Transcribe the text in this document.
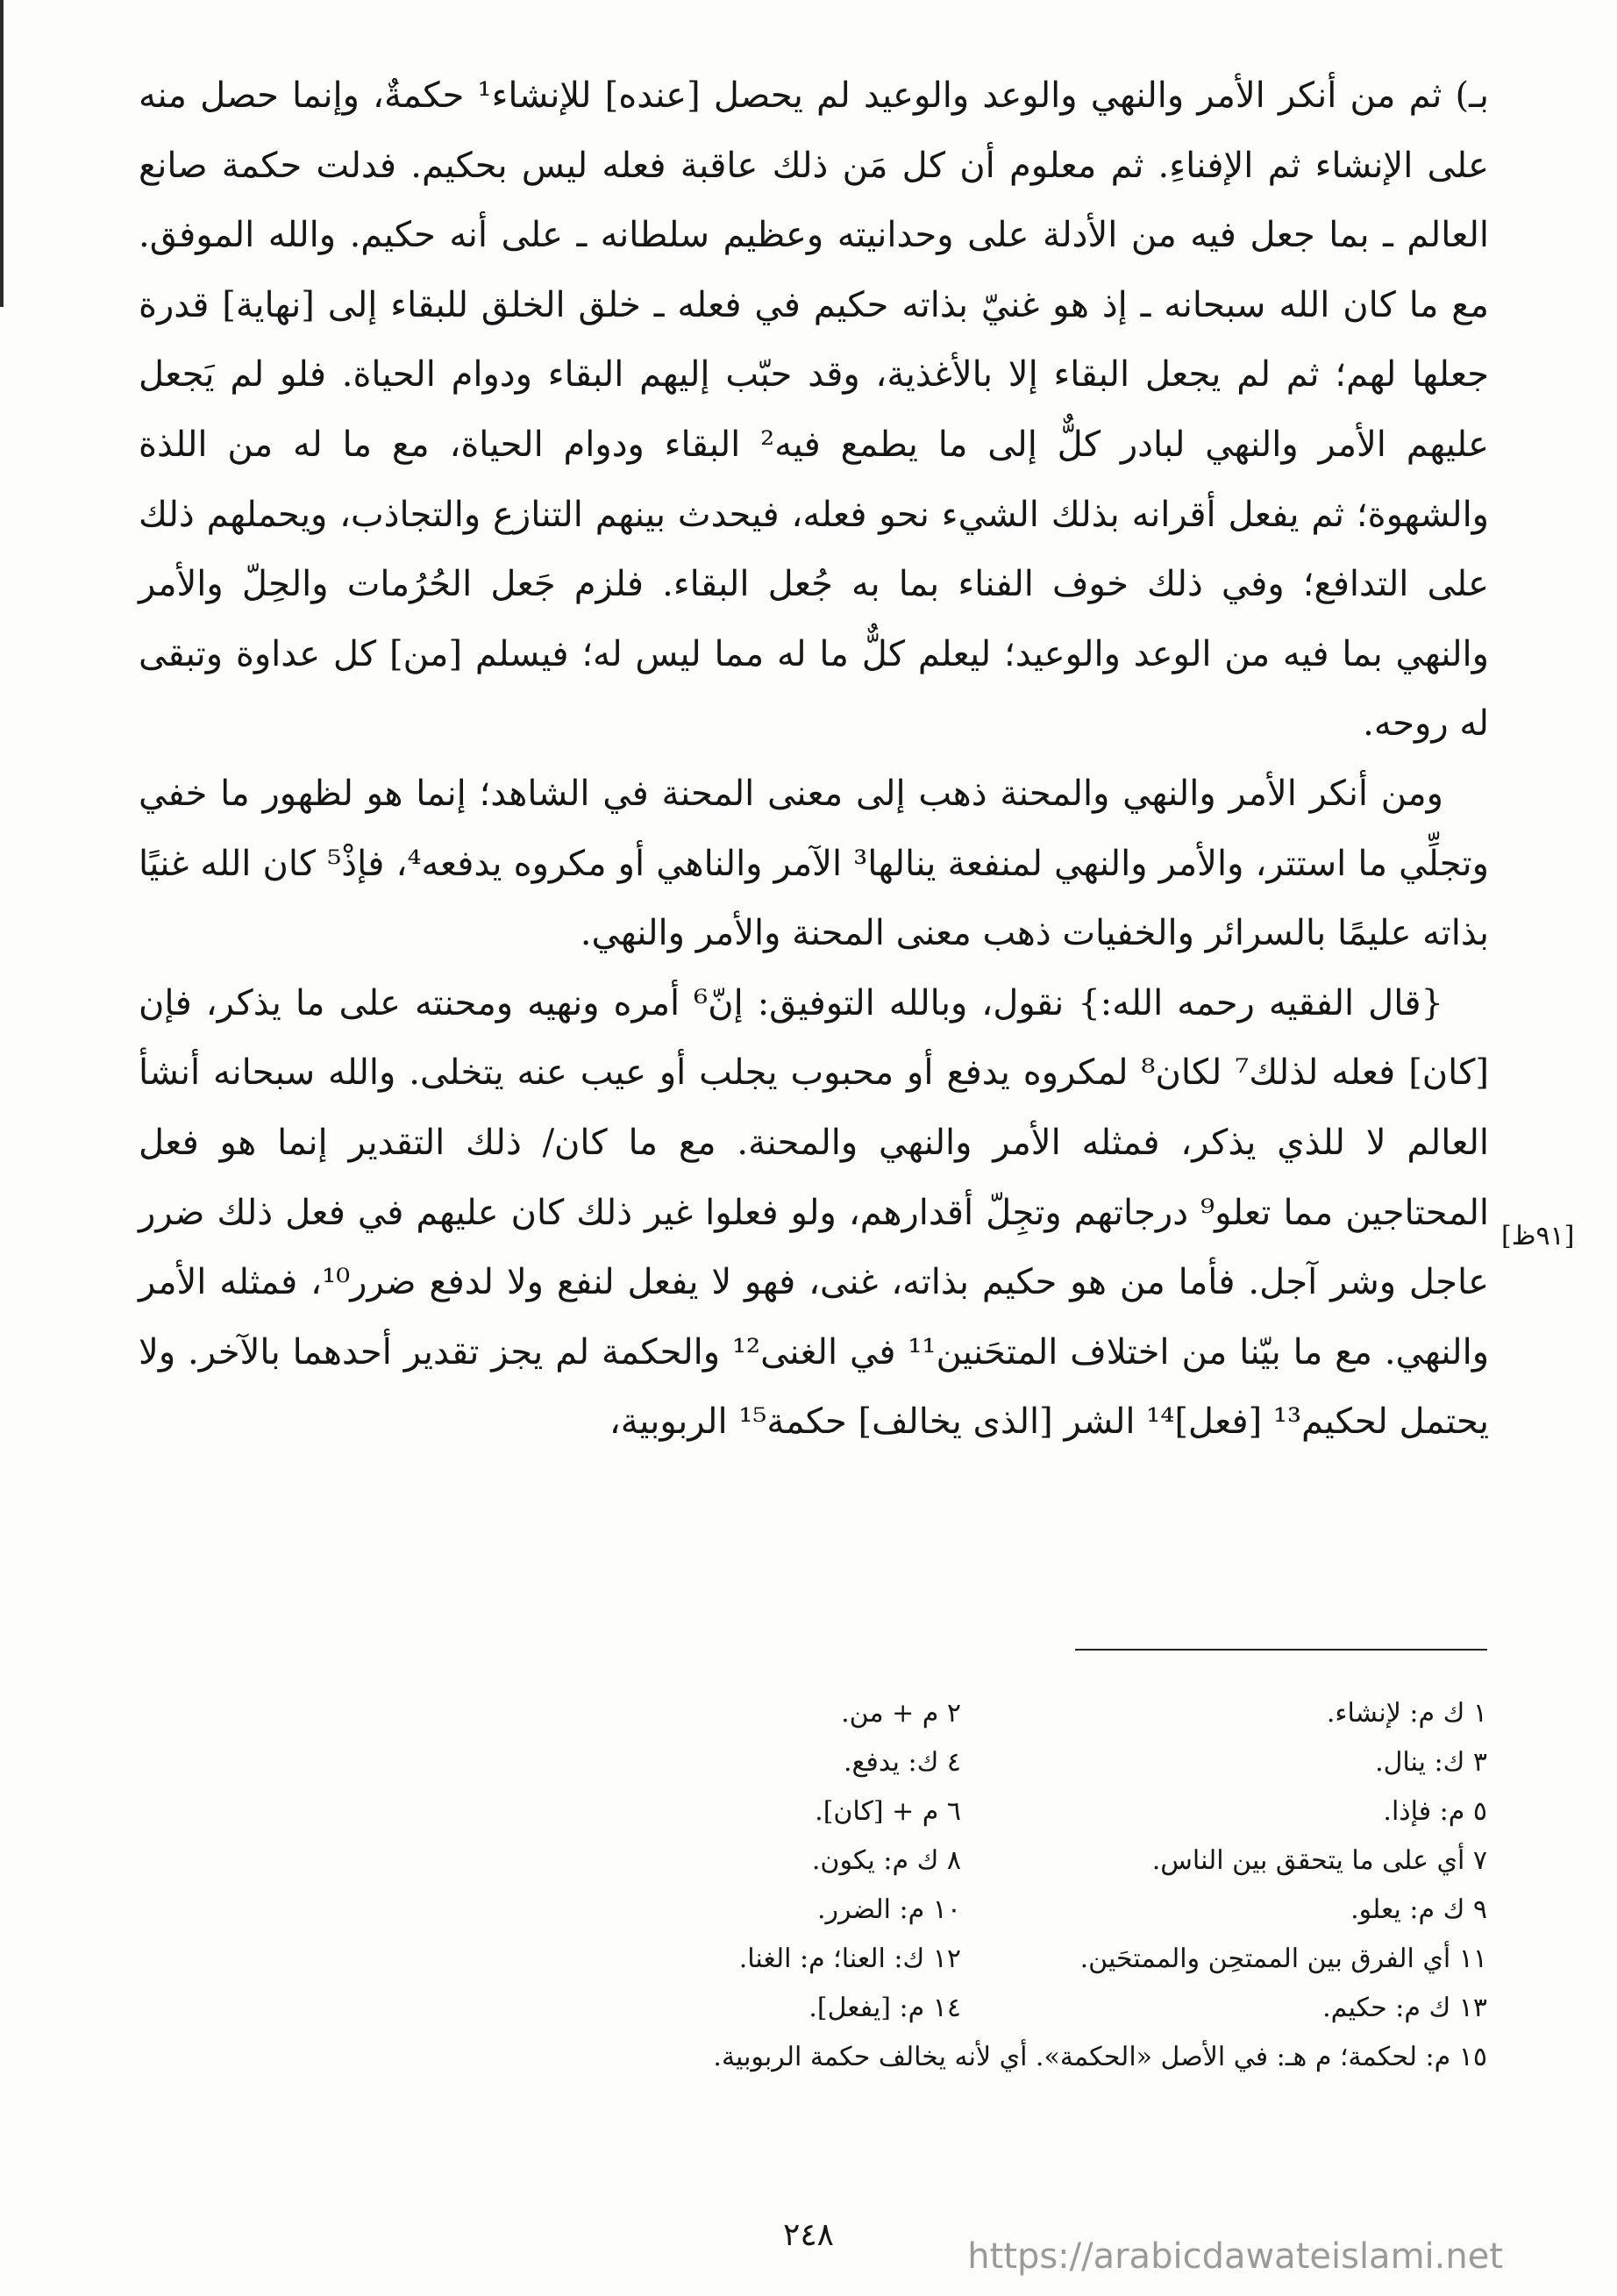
بـ) ثم من أنكر الأمر والنهي والوعد والوعيد لم يحصل [عنده] للإنشاء¹ حكمةٌ، وإنما حصل منه على الإنشاء ثم الإفناءِ. ثم معلوم أن كل مَن ذلك عاقبة فعله ليس بحكيم. فدلت حكمة صانع العالم ـ بما جعل فيه من الأدلة على وحدانيته وعظيم سلطانه ـ على أنه حكيم. والله الموفق. مع ما كان الله سبحانه ـ إذ هو غنيّ بذاته حكيم في فعله ـ خلق الخلق للبقاء إلى [نهاية] قدرة جعلها لهم؛ ثم لم يجعل البقاء إلا بالأغذية، وقد حبّب إليهم البقاء ودوام الحياة. فلو لم يَجعل عليهم الأمر والنهي لبادر كلٌّ إلى ما يطمع فيه² البقاء ودوام الحياة، مع ما له من اللذة والشهوة؛ ثم يفعل أقرانه بذلك الشيء نحو فعله، فيحدث بينهم التنازع والتجاذب، ويحملهم ذلك على التدافع؛ وفي ذلك خوف الفناء بما به جُعل البقاء. فلزم جَعل الحُرُمات والحِلّ والأمر والنهي بما فيه من الوعد والوعيد؛ ليعلم كلٌّ ما له مما ليس له؛ فيسلم [من] كل عداوة وتبقى له روحه.

ومن أنكر الأمر والنهي والمحنة ذهب إلى معنى المحنة في الشاهد؛ إنما هو لظهور ما خفي وتجلِّي ما استتر، والأمر والنهي لمنفعة ينالها³ الآمر والناهي أو مكروه يدفعه⁴، فإذْ⁵ كان الله غنيًا بذاته عليمًا بالسرائر والخفيات ذهب معنى المحنة والأمر والنهي.

{قال الفقيه رحمه الله:} نقول، وبالله التوفيق: إنّ⁶ أمره ونهيه ومحنته على ما يذكر، فإن [كان] فعله لذلك⁷ لكان⁸ لمكروه يدفع أو محبوب يجلب أو عيب عنه يتخلى. والله سبحانه أنشأ العالم لا للذي يذكر، فمثله الأمر والنهي والمحنة. مع ما كان/ ذلك التقدير إنما هو فعل المحتاجين مما تعلو⁹ درجاتهم وتجِلّ أقدارهم، ولو فعلوا غير ذلك كان عليهم في فعل ذلك ضرر عاجل وشر آجل. فأما من هو حكيم بذاته، غنى، فهو لا يفعل لنفع ولا لدفع ضرر¹⁰، فمثله الأمر والنهي. مع ما بيّنا من اختلاف المتحَنين¹¹ في الغنى¹² والحكمة لم يجز تقدير أحدهما بالآخر. ولا يحتمل لحكيم¹³ [فعل]¹⁴ الشر [الذى يخالف] حكمة¹⁵ الربوبية،

[٩١ظ]
١ ك م: لإنشاء.
٢ م + من.
٣ ك: ينال.
٤ ك: يدفع.
٥ م: فإذا.
٦ م + [كان].
٧ أي على ما يتحقق بين الناس.
٨ ك م: يكون.
٩ ك م: يعلو.
١٠ م: الضرر.
١١ أي الفرق بين الممتحِن والممتحَين.
١٢ ك: العنا؛ م: الغنا.
١٣ ك م: حكيم.
١٤ م: [يفعل].
١٥ م: لحكمة؛ م هـ: في الأصل «الحكمة». أي لأنه يخالف حكمة الربوبية.
٢٤٨
https://arabicdawateislami.net
